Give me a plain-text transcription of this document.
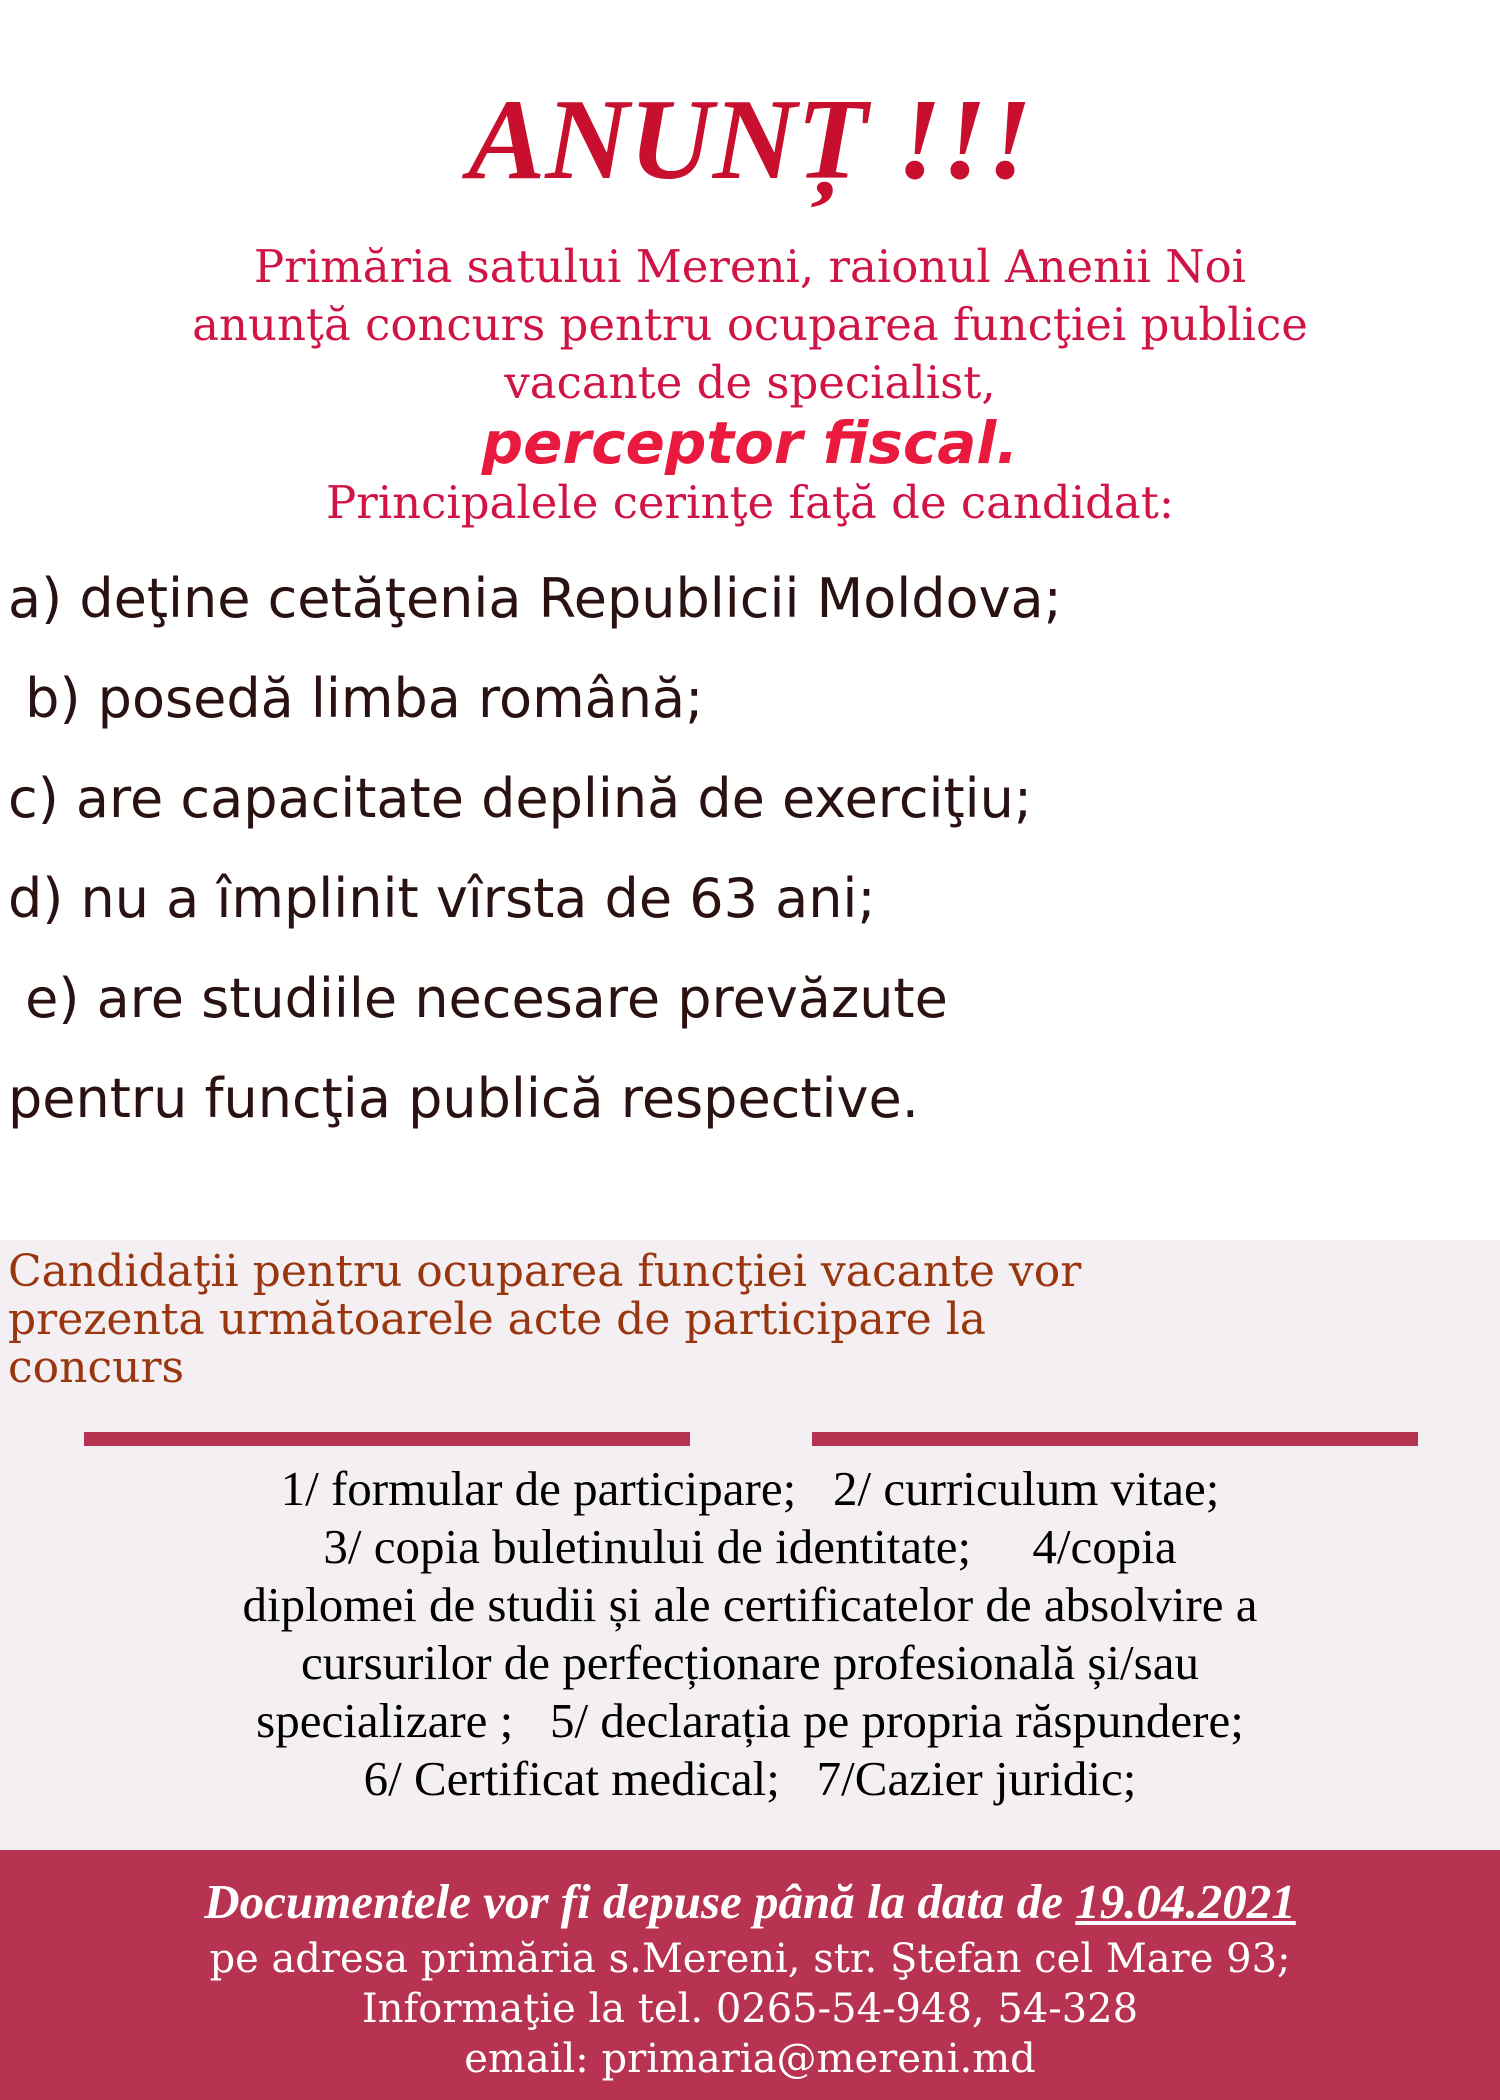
ANUNȚ !!!
Primăria satului Mereni, raionul Anenii Noi
anunţă concurs pentru ocuparea funcţiei publice
vacante de specialist,
perceptor fiscal.
Principalele cerinţe faţă de candidat:
a) deţine cetăţenia Republicii Moldova;
b) posedă limba română;
c) are capacitate deplină de exerciţiu;
d) nu a împlinit vîrsta de 63 ani;
e) are studiile necesare prevăzute
pentru funcţia publică respective.
Candidaţii pentru ocuparea funcţiei vacante vor
prezenta următoarele acte de participare la
concurs
1/ formular de participare;   2/ curriculum vitae;
3/ copia buletinului de identitate;     4/copia
diplomei de studii și ale certificatelor de absolvire a
cursurilor de perfecționare profesională și/sau
specializare ;   5/ declarația pe propria răspundere;
6/ Certificat medical;   7/Cazier juridic;
Documentele vor fi depuse până la data de 19.04.2021
pe adresa primăria s.Mereni, str. Ştefan cel Mare 93;
Informaţie la tel. 0265-54-948, 54-328
email: primaria@mereni.md
